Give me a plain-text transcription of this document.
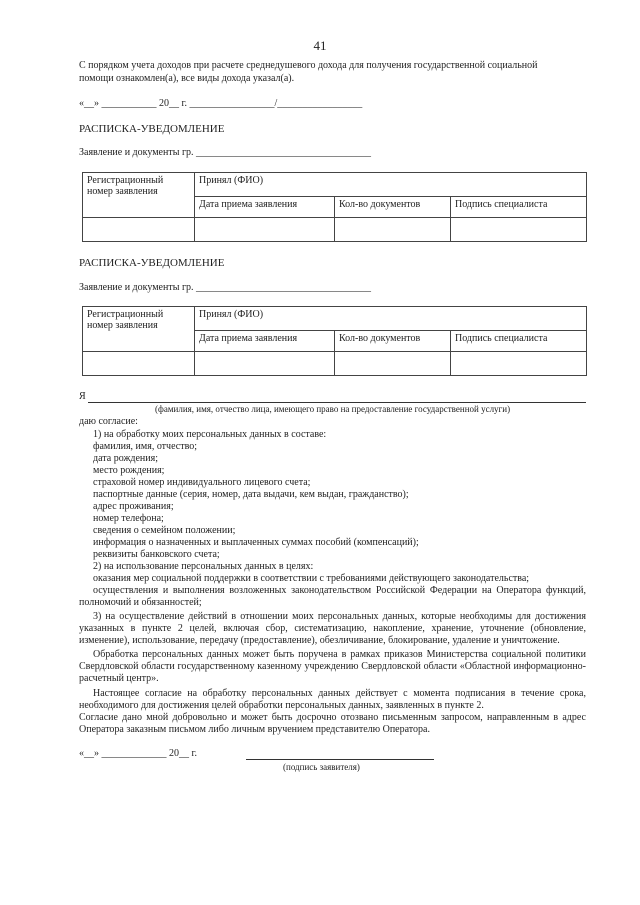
41
С порядком учета доходов при расчете среднедушевого дохода для получения государственной социальной
помощи ознакомлен(а), все виды дохода указал(а).
«__» ___________ 20__ г. _________________/_________________
РАСПИСКА-УВЕДОМЛЕНИЕ
Заявление и документы гр. ___________________________________
Регистрационный номер заявления	Принял (ФИО)		
	Дата приема заявления	Кол-во документов	Подпись специалиста

РАСПИСКА-УВЕДОМЛЕНИЕ
Заявление и документы гр. ___________________________________
Регистрационный номер заявления	Принял (ФИО)		
	Дата приема заявления	Кол-во документов	Подпись специалиста

Я
(фамилия, имя, отчество лица, имеющего право на предоставление государственной услуги)
даю согласие:
1) на обработку моих персональных данных в составе:
фамилия, имя, отчество;
дата рождения;
место рождения;
страховой номер индивидуального лицевого счета;
паспортные данные (серия, номер, дата выдачи, кем выдан, гражданство);
адрес проживания;
номер телефона;
сведения о семейном положении;
информация о назначенных и выплаченных суммах пособий (компенсаций);
реквизиты банковского счета;
2) на использование персональных данных в целях:
оказания мер социальной поддержки в соответствии с требованиями действующего законодательства;
осуществления и выполнения возложенных законодательством Российской Федерации на Оператора функций, полномочий и обязанностей;
3) на осуществление действий в отношении моих персональных данных, которые необходимы для достижения указанных в пункте 2 целей, включая сбор, систематизацию, накопление, хранение, уточнение (обновление, изменение), использование, передачу (предоставление), обезличивание, блокирование, удаление и уничтожение.
Обработка персональных данных может быть поручена в рамках приказов Министерства социальной политики Свердловской области государственному казенному учреждению Свердловской области «Областной информационно-расчетный центр».
Настоящее согласие на обработку персональных данных действует с момента подписания в течение срока, необходимого для достижения целей обработки персональных данных, заявленных в пункте 2.
Согласие дано мной добровольно и может быть досрочно отозвано письменным запросом, направленным в адрес Оператора заказным письмом либо личным вручением представителю Оператора.
«__» _____________ 20__ г.
(подпись заявителя)
